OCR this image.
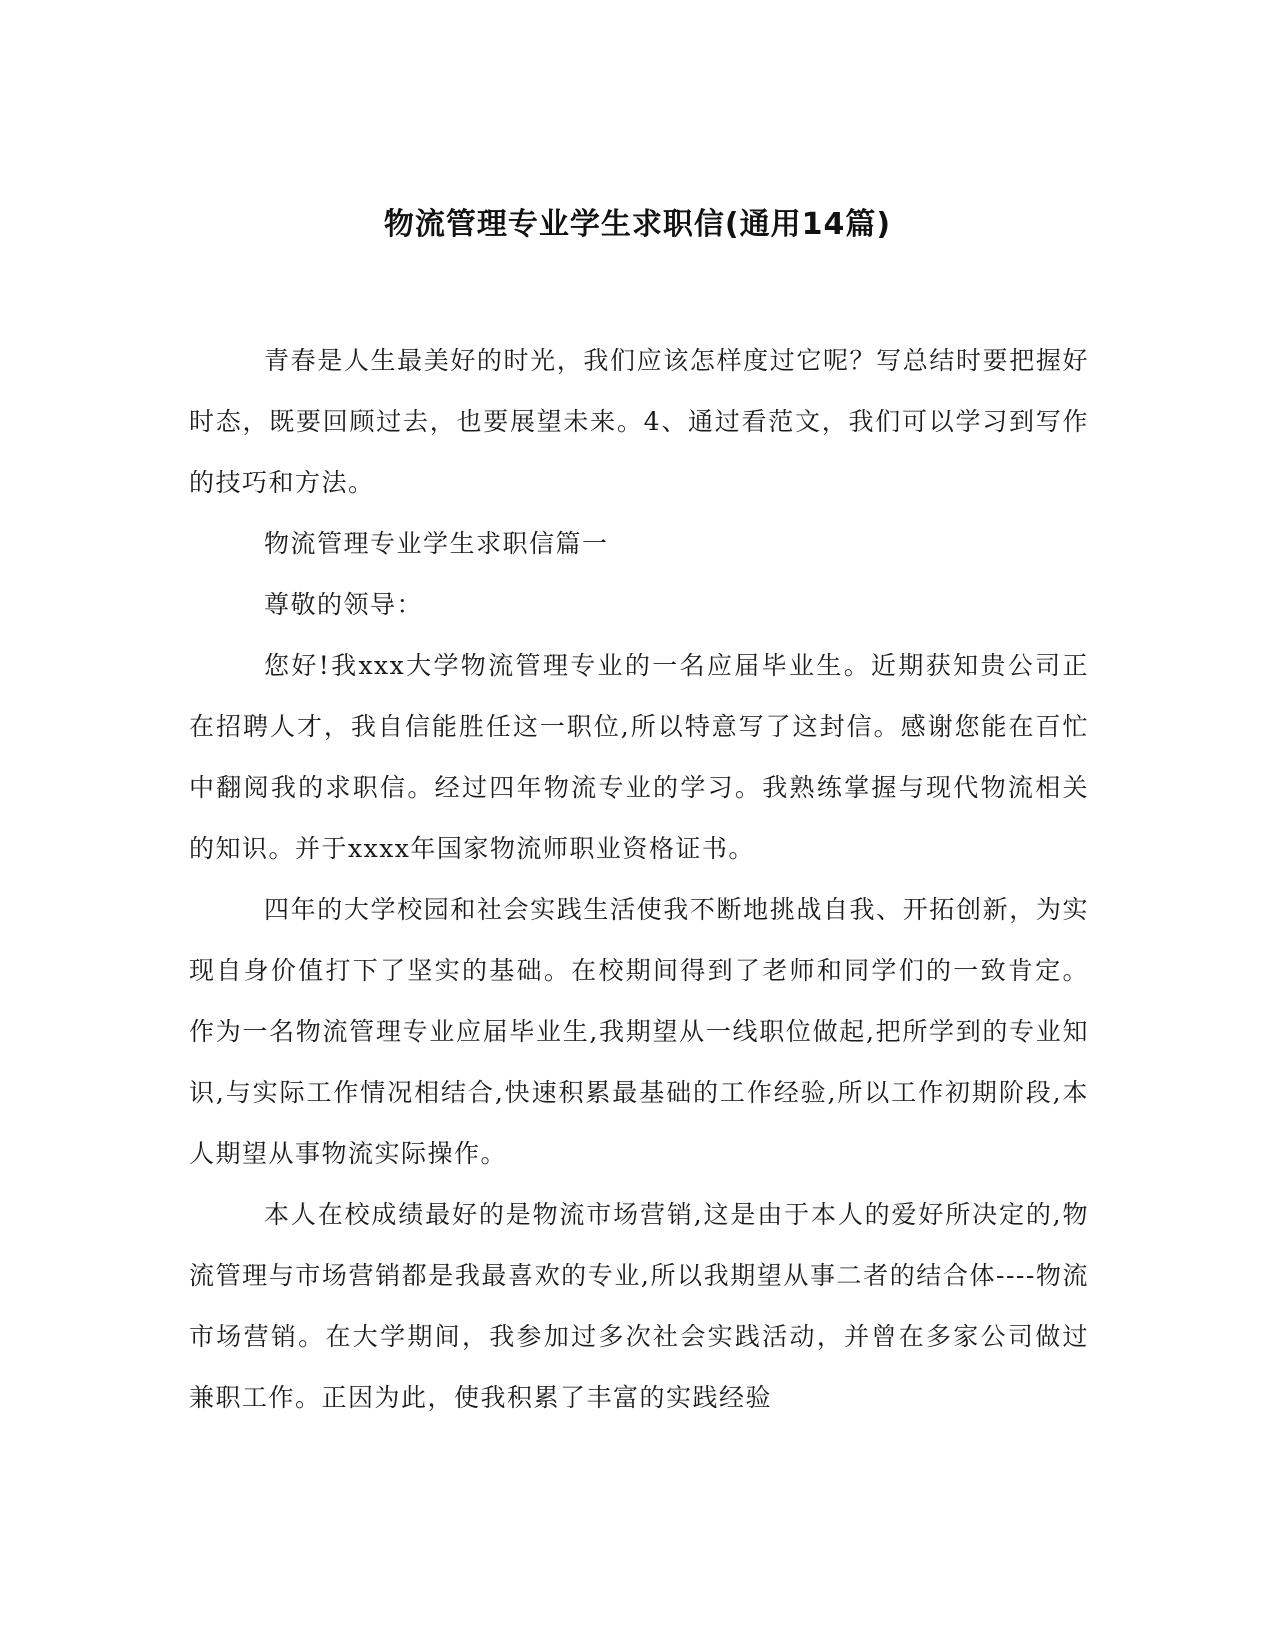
物流管理专业学生求职信(通用14篇)

青春是人生最美好的时光，我们应该怎样度过它呢？写总结时要把握好时态，既要回顾过去，也要展望未来。4、通过看范文，我们可以学习到写作的技巧和方法。

物流管理专业学生求职信篇一

尊敬的领导：

您好!我xxx大学物流管理专业的一名应届毕业生。近期获知贵公司正在招聘人才，我自信能胜任这一职位,所以特意写了这封信。感谢您能在百忙中翻阅我的求职信。经过四年物流专业的学习。我熟练掌握与现代物流相关的知识。并于xxxx年国家物流师职业资格证书。

四年的大学校园和社会实践生活使我不断地挑战自我、开拓创新，为实现自身价值打下了坚实的基础。在校期间得到了老师和同学们的一致肯定。作为一名物流管理专业应届毕业生,我期望从一线职位做起,把所学到的专业知识,与实际工作情况相结合,快速积累最基础的工作经验,所以工作初期阶段,本人期望从事物流实际操作。

本人在校成绩最好的是物流市场营销,这是由于本人的爱好所决定的,物流管理与市场营销都是我最喜欢的专业,所以我期望从事二者的结合体----物流市场营销。在大学期间，我参加过多次社会实践活动，并曾在多家公司做过兼职工作。正因为此，使我积累了丰富的实践经验
